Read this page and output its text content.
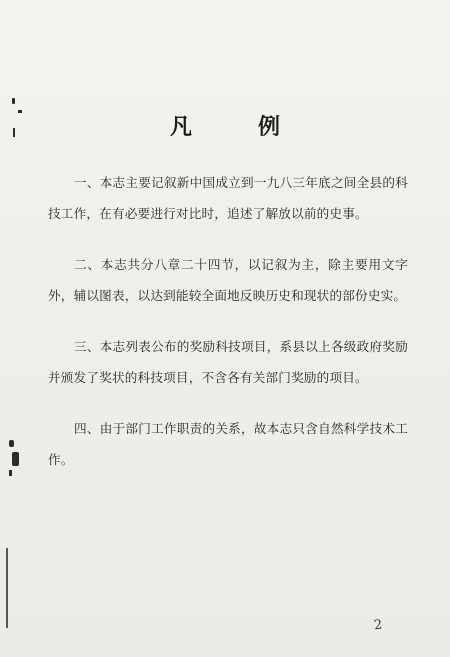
凡　例

一、本志主要记叙新中国成立到一九八三年底之间全县的科技工作，在有必要进行对比时，追述了解放以前的史事。

二、本志共分八章二十四节，以记叙为主，除主要用文字外，辅以图表，以达到能较全面地反映历史和现状的部份史实。

三、本志列表公布的奖励科技项目，系县以上各级政府奖励并颁发了奖状的科技项目，不含各有关部门奖励的项目。

四、由于部门工作职责的关系，故本志只含自然科学技术工作。

2
